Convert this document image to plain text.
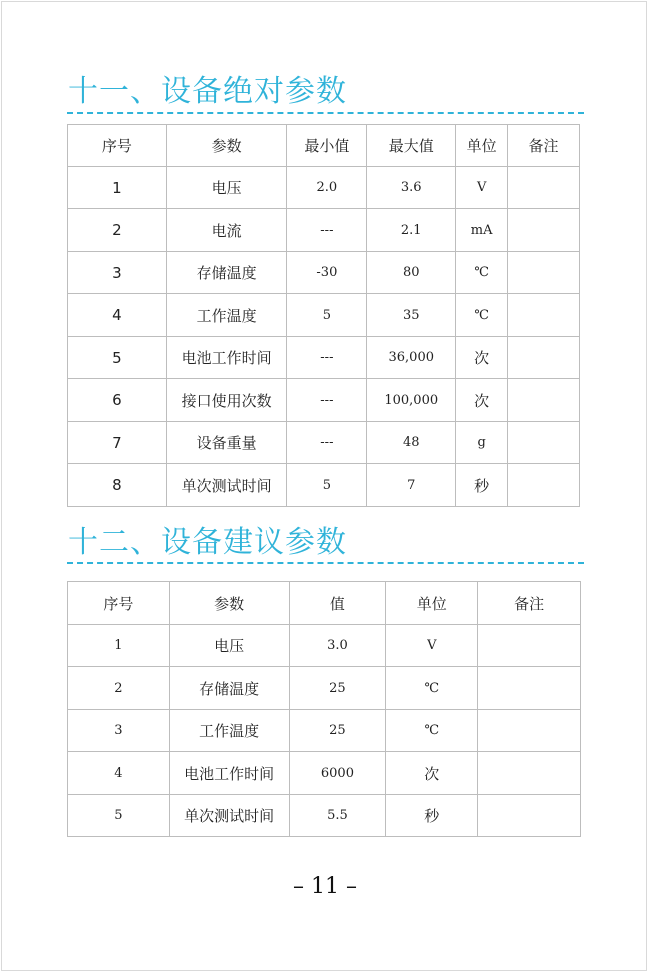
十一、设备绝对参数
序号	参数	最小值	最大值	单位	备注
1	电压	2.0	3.6	V	
2	电流	---	2.1	mA	
3	存储温度	-30	80	℃	
4	工作温度	5	35	℃	
5	电池工作时间	---	36,000	次	
6	接口使用次数	---	100,000	次	
7	设备重量	---	48	g	
8	单次测试时间	5	7	秒	
十二、设备建议参数
序号	参数	值	单位	备注
1	电压	3.0	V	
2	存储温度	25	℃	
3	工作温度	25	℃	
4	电池工作时间	6000	次	
5	单次测试时间	5.5	秒	
– 11 –
